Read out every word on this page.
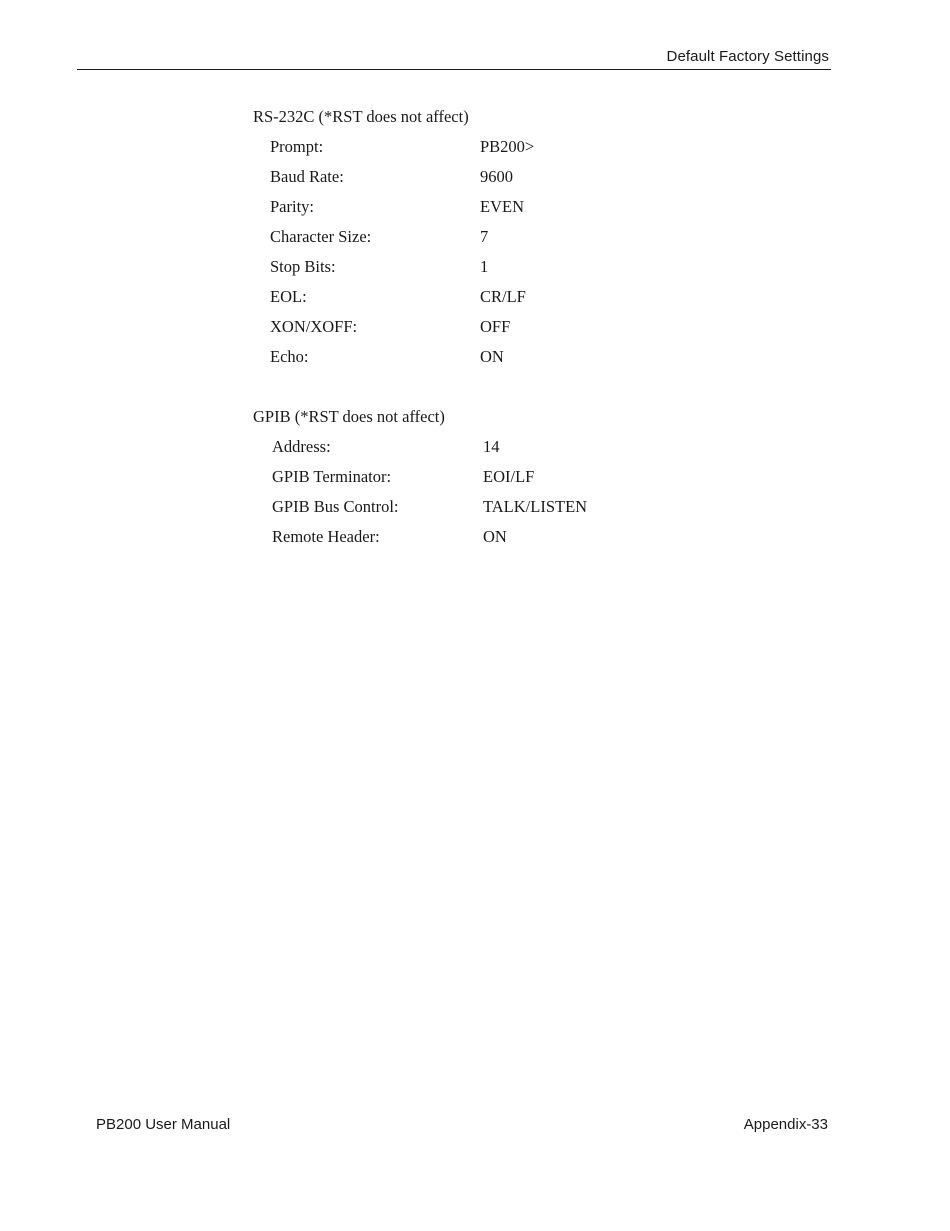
Default Factory Settings
RS-232C (*RST does not affect)
Prompt:	PB200>
Baud Rate:	9600
Parity:	EVEN
Character Size:	7
Stop Bits:	1
EOL:	CR/LF
XON/XOFF:	OFF
Echo:	ON
GPIB (*RST does not affect)
Address:	14
GPIB Terminator:	EOI/LF
GPIB Bus Control:	TALK/LISTEN
Remote Header:	ON
PB200 User Manual	Appendix-33
